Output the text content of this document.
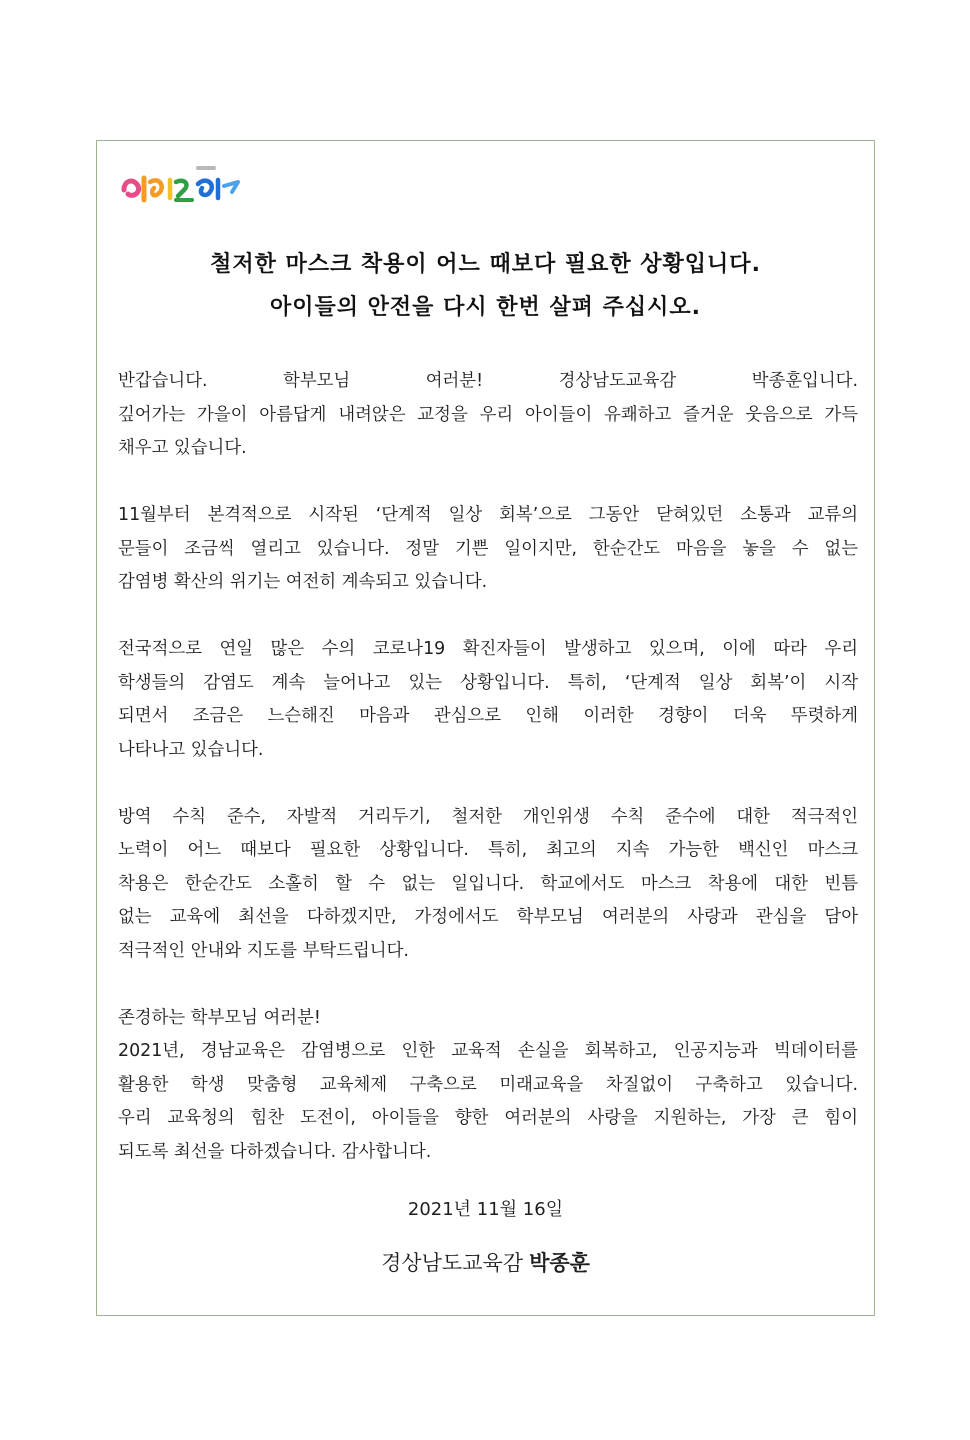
철저한 마스크 착용이 어느 때보다 필요한 상황입니다.
아이들의 안전을 다시 한번 살펴 주십시오.

반갑습니다. 학부모님 여러분! 경상남도교육감 박종훈입니다.
깊어가는 가을이 아름답게 내려앉은 교정을 우리 아이들이 유쾌하고 즐거운 웃음으로 가득
채우고 있습니다.

11월부터 본격적으로 시작된 ‘단계적 일상 회복’으로 그동안 닫혀있던 소통과 교류의
문들이 조금씩 열리고 있습니다. 정말 기쁜 일이지만, 한순간도 마음을 놓을 수 없는
감염병 확산의 위기는 여전히 계속되고 있습니다.

전국적으로 연일 많은 수의 코로나19 확진자들이 발생하고 있으며, 이에 따라 우리
학생들의 감염도 계속 늘어나고 있는 상황입니다. 특히, ‘단계적 일상 회복’이 시작
되면서 조금은 느슨해진 마음과 관심으로 인해 이러한 경향이 더욱 뚜렷하게
나타나고 있습니다.

방역 수칙 준수, 자발적 거리두기, 철저한 개인위생 수칙 준수에 대한 적극적인
노력이 어느 때보다 필요한 상황입니다. 특히, 최고의 지속 가능한 백신인 마스크
착용은 한순간도 소홀히 할 수 없는 일입니다. 학교에서도 마스크 착용에 대한 빈틈
없는 교육에 최선을 다하겠지만, 가정에서도 학부모님 여러분의 사랑과 관심을 담아
적극적인 안내와 지도를 부탁드립니다.

존경하는 학부모님 여러분!
2021년, 경남교육은 감염병으로 인한 교육적 손실을 회복하고, 인공지능과 빅데이터를
활용한 학생 맞춤형 교육체제 구축으로 미래교육을 차질없이 구축하고 있습니다.
우리 교육청의 힘찬 도전이, 아이들을 향한 여러분의 사랑을 지원하는, 가장 큰 힘이
되도록 최선을 다하겠습니다. 감사합니다.

2021년 11월 16일
경상남도교육감 박종훈
